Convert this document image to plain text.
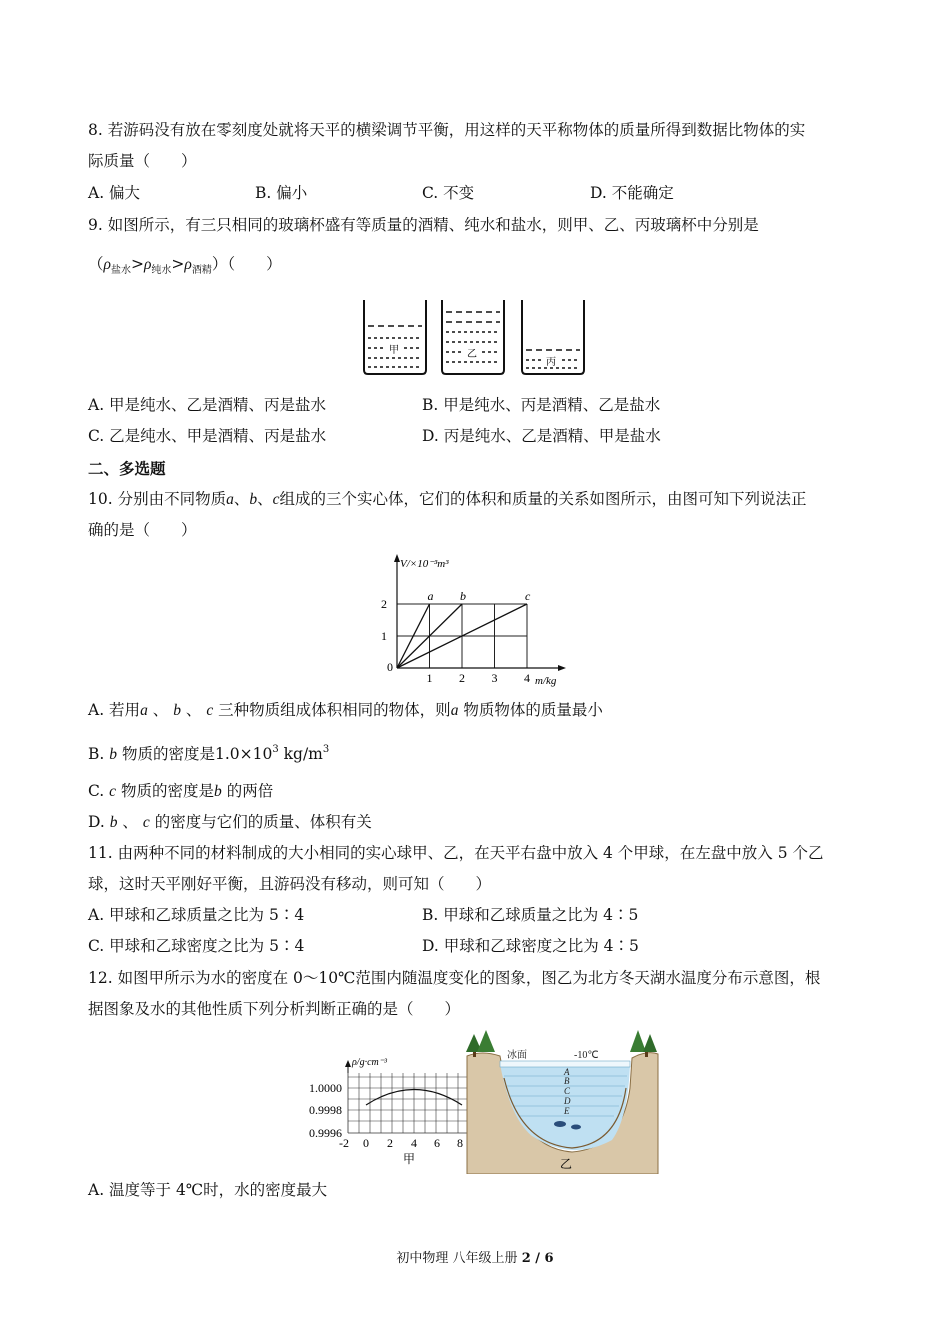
8. 若游码没有放在零刻度处就将天平的横梁调节平衡，用这样的天平称物体的质量所得到数据比物体的实
际质量（　　）
A. 偏大	B. 偏小	C. 不变	D. 不能确定
9. 如图所示，有三只相同的玻璃杯盛有等质量的酒精、纯水和盐水，则甲、乙、丙玻璃杯中分别是
$(\rho_{盐水}>\rho_{纯水}>\rho_{酒精})$（　　）
甲	乙
丙
A. 甲是纯水、乙是酒精、丙是盐水	B. 甲是纯水、丙是酒精、乙是盐水
C. 乙是纯水、甲是酒精、丙是盐水	D. 丙是纯水、乙是酒精、甲是盐水
二、多选题
10. 分别由不同物质a、b、c组成的三个实心体，它们的体积和质量的关系如图所示，由图可知下列说法正
确的是（　　）
a b	c
1 2 3 4
1
2
V/×10⁻³m³
m/kg
0
A. 若用a 、 b 、 c 三种物质组成体积相同的物体，则a 物质物体的质量最小
B. b 物质的密度是$1.0\times 10^3$ $kg/m^3$
C. c 物质的密度是b 的两倍
D. b 、 c 的密度与它们的质量、体积有关
11. 由两种不同的材料制成的大小相同的实心球甲、乙，在天平右盘中放入 4 个甲球，在左盘中放入 5 个乙
球，这时天平刚好平衡，且游码没有移动，则可知（　　）
A. 甲球和乙球质量之比为 5∶4	B. 甲球和乙球质量之比为 4∶5
C. 甲球和乙球密度之比为 5∶4	D. 甲球和乙球密度之比为 4∶5
12. 如图甲所示为水的密度在 0～10℃范围内随温度变化的图象，图乙为北方冬天湖水温度分布示意图，根
据图象及水的其他性质下列分析判断正确的是（　　）
ρ/g·cm⁻³
1.0000
0.9998
0.9996
-2 0 2 4 6 8
甲
冰面	-10℃
A
B
C
D
E
乙
A. 温度等于 4℃时，水的密度最大
初中物理 八年级上册 2 / 6
